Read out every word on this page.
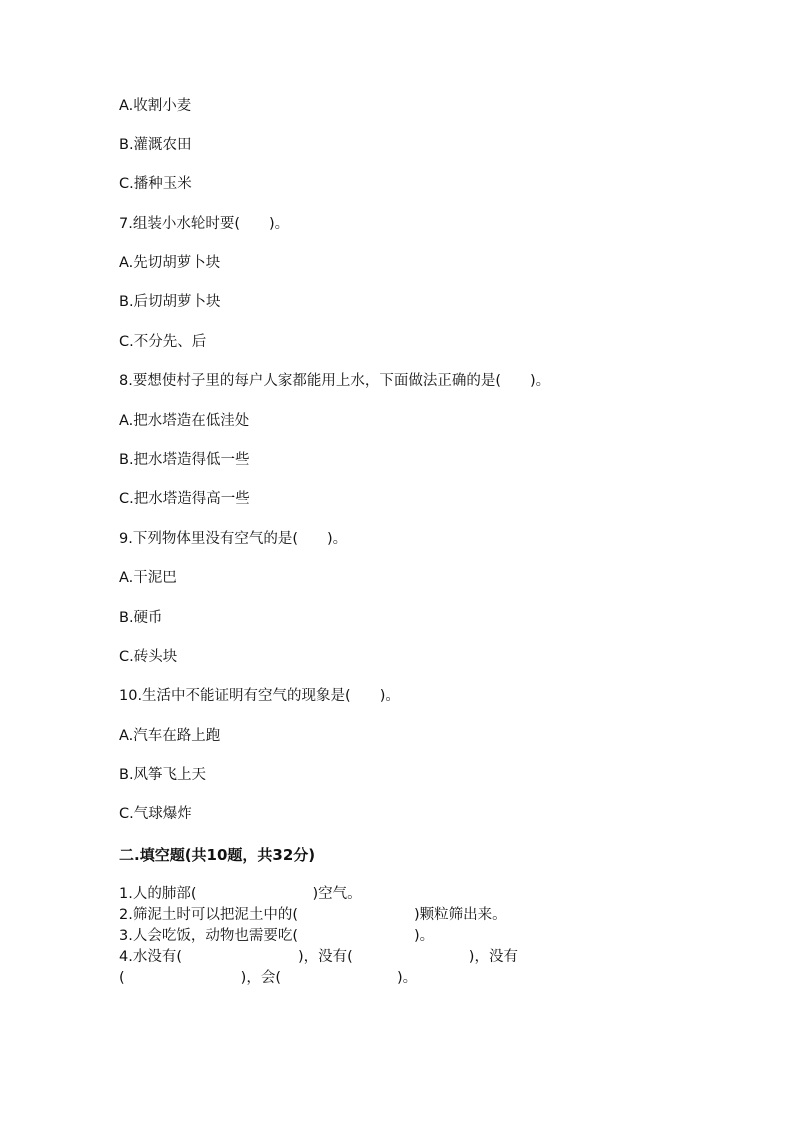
A.收割小麦
B.灌溉农田
C.播种玉米
7.组装小水轮时要(　　)。
A.先切胡萝卜块
B.后切胡萝卜块
C.不分先、后
8.要想使村子里的每户人家都能用上水，下面做法正确的是(　　)。
A.把水塔造在低洼处
B.把水塔造得低一些
C.把水塔造得高一些
9.下列物体里没有空气的是(　　)。
A.干泥巴
B.硬币
C.砖头块
10.生活中不能证明有空气的现象是(　　)。
A.汽车在路上跑
B.风筝飞上天
C.气球爆炸
二.填空题(共10题，共32分)
1.人的肺部(　　　　　　　　)空气。
2.筛泥土时可以把泥土中的(　　　　　　　　)颗粒筛出来。
3.人会吃饭，动物也需要吃(　　　　　　　　)。
4.水没有(　　　　　　　　)，没有(　　　　　　　　)，没有
(　　　　　　　　)，会(　　　　　　　　)。
